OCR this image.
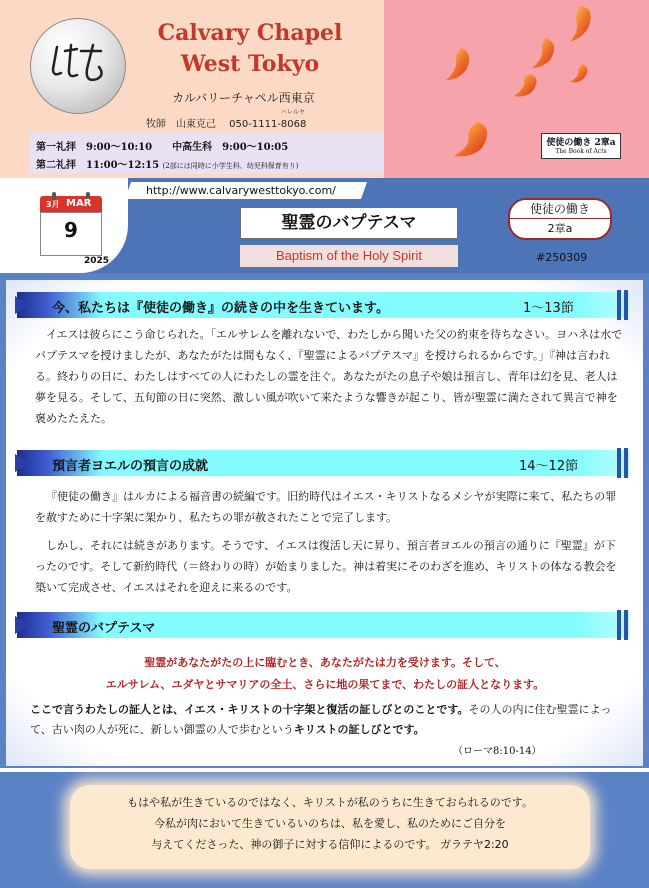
Calvary Chapel
West Tokyo
カルバリーチャペル西東京
ハレルヤ
牧師　山東克己　 050-1111-8068
第一礼拝　9:00〜10:10　　中高生科　9:00〜10:05
第二礼拝　11:00〜12:15 (2部には同時に小学生科、幼児科保育有り)
使徒の働き 2章a
The Book of Acts
3月 MAR
9
2025
http://www.calvarywesttokyo.com/
聖霊のバプテスマ
Baptism of the Holy Spirit
使徒の働き
2章a
#250309
今、私たちは『使徒の働き』の続きの中を生きています。	1〜13節
イエスは彼らにこう命じられた。「エルサレムを離れないで、わたしから聞いた父の約束を待ちなさい。ヨハネは水でバプテスマを授けましたが、あなたがたは間もなく、『聖霊によるバプテスマ』を授けられるからです。」『神は言われる。終わりの日に、わたしはすべての人にわたしの霊を注ぐ。あなたがたの息子や娘は預言し、青年は幻を見、老人は夢を見る。そして、五旬節の日に突然、激しい風が吹いて来たような響きが起こり、皆が聖霊に満たされて異言で神を褒めたたえた。
預言者ヨエルの預言の成就	14〜12節
『使徒の働き』はルカによる福音書の続編です。旧約時代はイエス・キリストなるメシヤが実際に来て、私たちの罪を赦すために十字架に架かり、私たちの罪が赦されたことで完了します。
しかし、それには続きがあります。そうです、イエスは復活し天に昇り、預言者ヨエルの預言の通りに『聖霊』が下ったのです。そして新約時代（＝終わりの時）が始まりました。神は着実にそのわざを進め、キリストの体なる教会を築いて完成させ、イエスはそれを迎えに来るのです。
聖霊のバプテスマ
聖霊があなたがたの上に臨むとき、あなたがたは力を受けます。そして、
エルサレム、ユダヤとサマリアの全土、さらに地の果てまで、わたしの証人となります。
ここで言うわたしの証人とは、イエス・キリストの十字架と復活の証しびとのことです。その人の内に住む聖霊によって、古い肉の人が死に、新しい御霊の人で歩むというキリストの証しびとです。
（ローマ8:10-14）
もはや私が生きているのではなく、キリストが私のうちに生きておられるのです。
今私が肉において生きているいのちは、私を愛し、私のためにご自分を
与えてくださった、神の御子に対する信仰によるのです。 ガラテヤ2:20
